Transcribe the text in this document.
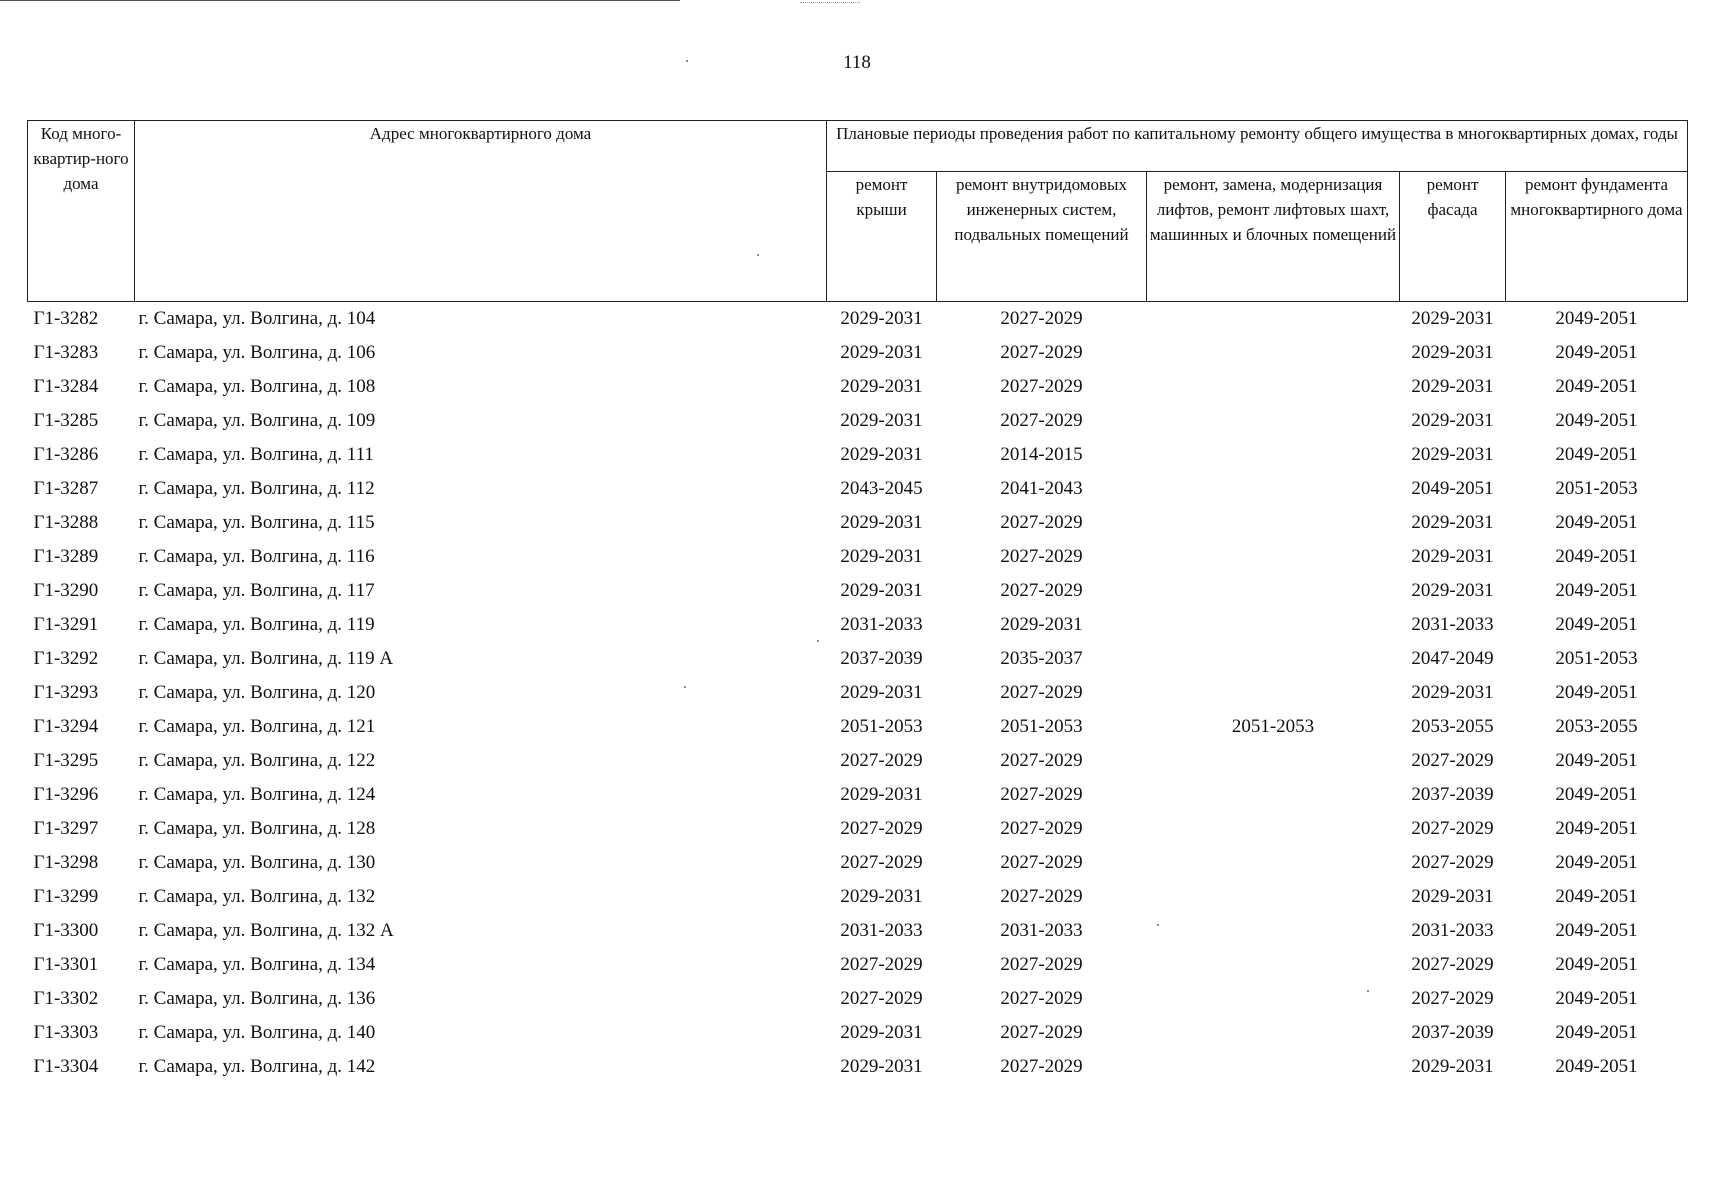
118
Код много-квартир-ного дома	Адрес многоквартирного дома	Плановые периоды проведения работ по капитальному ремонту общего имущества в многоквартирных домах, годы				
		ремонт крыши	ремонт внутридомовых инженерных систем, подвальных помещений	ремонт, замена, модернизация лифтов, ремонт лифтовых шахт, машинных и блочных помещений	ремонт фасада	ремонт фундамента многоквартирного дома
Г1-3282	г. Самара, ул. Волгина, д. 104	2029-2031	2027-2029		2029-2031	2049-2051
Г1-3283	г. Самара, ул. Волгина, д. 106	2029-2031	2027-2029		2029-2031	2049-2051
Г1-3284	г. Самара, ул. Волгина, д. 108	2029-2031	2027-2029		2029-2031	2049-2051
Г1-3285	г. Самара, ул. Волгина, д. 109	2029-2031	2027-2029		2029-2031	2049-2051
Г1-3286	г. Самара, ул. Волгина, д. 111	2029-2031	2014-2015		2029-2031	2049-2051
Г1-3287	г. Самара, ул. Волгина, д. 112	2043-2045	2041-2043		2049-2051	2051-2053
Г1-3288	г. Самара, ул. Волгина, д. 115	2029-2031	2027-2029		2029-2031	2049-2051
Г1-3289	г. Самара, ул. Волгина, д. 116	2029-2031	2027-2029		2029-2031	2049-2051
Г1-3290	г. Самара, ул. Волгина, д. 117	2029-2031	2027-2029		2029-2031	2049-2051
Г1-3291	г. Самара, ул. Волгина, д. 119	2031-2033	2029-2031		2031-2033	2049-2051
Г1-3292	г. Самара, ул. Волгина, д. 119 А	2037-2039	2035-2037		2047-2049	2051-2053
Г1-3293	г. Самара, ул. Волгина, д. 120	2029-2031	2027-2029		2029-2031	2049-2051
Г1-3294	г. Самара, ул. Волгина, д. 121	2051-2053	2051-2053	2051-2053	2053-2055	2053-2055
Г1-3295	г. Самара, ул. Волгина, д. 122	2027-2029	2027-2029		2027-2029	2049-2051
Г1-3296	г. Самара, ул. Волгина, д. 124	2029-2031	2027-2029		2037-2039	2049-2051
Г1-3297	г. Самара, ул. Волгина, д. 128	2027-2029	2027-2029		2027-2029	2049-2051
Г1-3298	г. Самара, ул. Волгина, д. 130	2027-2029	2027-2029		2027-2029	2049-2051
Г1-3299	г. Самара, ул. Волгина, д. 132	2029-2031	2027-2029		2029-2031	2049-2051
Г1-3300	г. Самара, ул. Волгина, д. 132 А	2031-2033	2031-2033		2031-2033	2049-2051
Г1-3301	г. Самара, ул. Волгина, д. 134	2027-2029	2027-2029		2027-2029	2049-2051
Г1-3302	г. Самара, ул. Волгина, д. 136	2027-2029	2027-2029		2027-2029	2049-2051
Г1-3303	г. Самара, ул. Волгина, д. 140	2029-2031	2027-2029		2037-2039	2049-2051
Г1-3304	г. Самара, ул. Волгина, д. 142	2029-2031	2027-2029		2029-2031	2049-2051
